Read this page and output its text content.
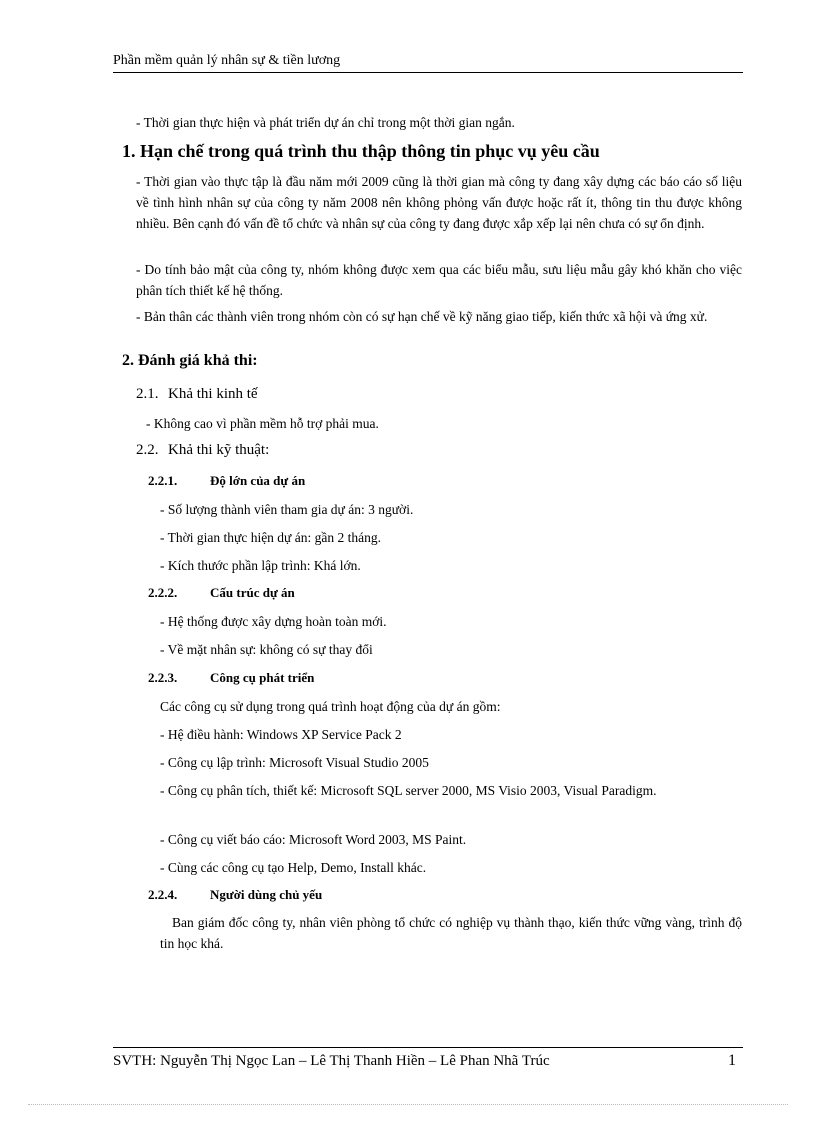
Phần mềm quản lý nhân sự & tiền lương

- Thời gian thực hiện và phát triển dự án chỉ trong một thời gian ngắn.

1. Hạn chế trong quá trình thu thập thông tin phục vụ yêu cầu

- Thời gian vào thực tập là đầu năm mới 2009 cũng là thời gian mà công ty đang xây dựng các báo cáo số liệu về tình hình nhân sự của công ty năm 2008 nên không phỏng vấn được hoặc rất ít, thông tin thu được không nhiều. Bên cạnh đó vấn đề tổ chức và nhân sự của công ty đang được xắp xếp lại nên chưa có sự ổn định.

- Do tính bảo mật của công ty, nhóm không được xem qua các biểu mẫu, sưu liệu mẫu gây khó khăn cho việc phân tích thiết kế hệ thống.

- Bản thân các thành viên trong nhóm còn có sự hạn chế về kỹ năng giao tiếp, kiến thức xã hội và ứng xử.

2. Đánh giá khả thi:
2.1. Khả thi kinh tế

- Không cao vì phần mềm hỗ trợ phải mua.

2.2. Khả thi kỹ thuật:
2.2.1.	Độ lớn của dự án

- Số lượng thành viên tham gia dự án: 3 người.

- Thời gian thực hiện dự án: gần 2 tháng.

- Kích thước phần lập trình: Khá lớn.

2.2.2.	Cấu trúc dự án

- Hệ thống được xây dựng hoàn toàn mới.

- Về mặt nhân sự: không có sự thay đổi

2.2.3.	Công cụ phát triển

Các công cụ sử dụng trong quá trình hoạt động của dự án gồm:

- Hệ điều hành: Windows XP Service Pack 2

- Công cụ lập trình: Microsoft Visual Studio 2005

- Công cụ phân tích, thiết kế: Microsoft SQL server 2000, MS Visio 2003, Visual Paradigm.

- Công cụ viết báo cáo: Microsoft Word 2003, MS Paint.

- Cùng các công cụ tạo Help, Demo, Install khác.

2.2.4.	Người dùng chủ yếu

Ban giám đốc công ty, nhân viên phòng tổ chức có nghiệp vụ thành thạo, kiến thức vững vàng, trình độ tin học khá.

SVTH: Nguyễn Thị Ngọc Lan – Lê Thị Thanh Hiền – Lê Phan Nhã Trúc	1
